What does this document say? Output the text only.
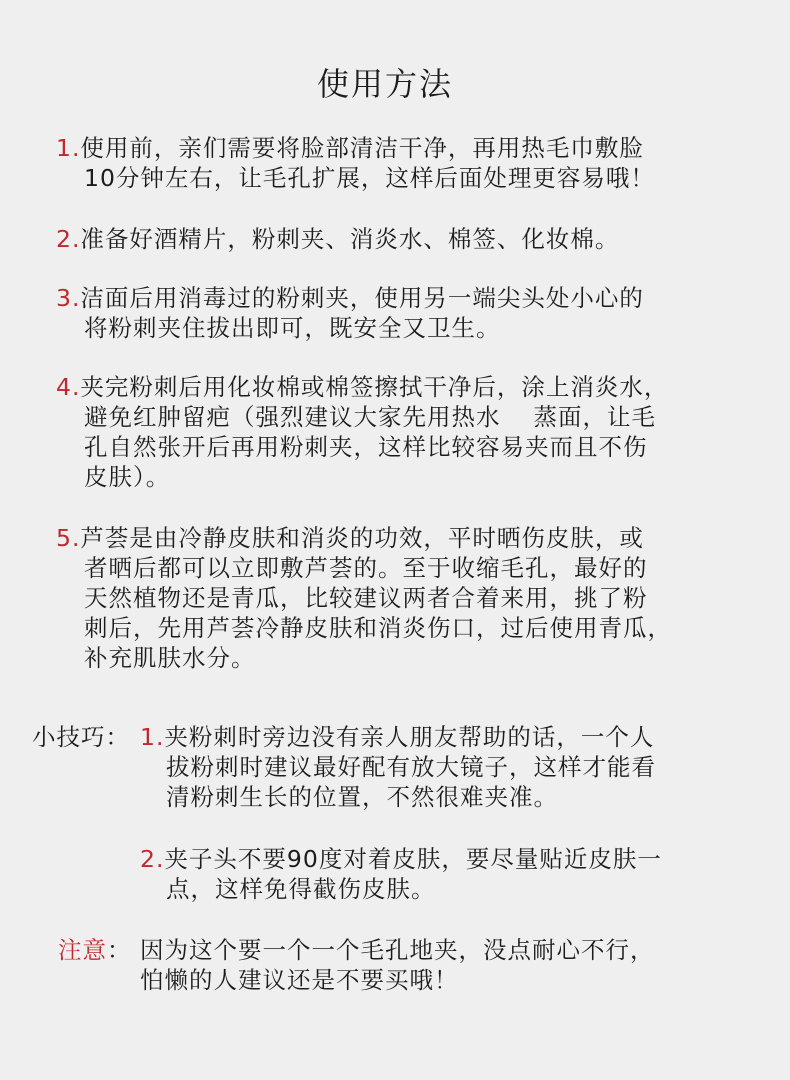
使用方法
1.使用前，亲们需要将脸部清洁干净，再用热毛巾敷脸
10分钟左右，让毛孔扩展，这样后面处理更容易哦！
2.准备好酒精片，粉刺夹、消炎水、棉签、化妆棉。
3.洁面后用消毒过的粉刺夹，使用另一端尖头处小心的
将粉刺夹住拔出即可，既安全又卫生。
4.夹完粉刺后用化妆棉或棉签擦拭干净后，涂上消炎水，
避免红肿留疤（强烈建议大家先用热水　 蒸面，让毛
孔自然张开后再用粉刺夹，这样比较容易夹而且不伤
皮肤）。
5.芦荟是由冷静皮肤和消炎的功效，平时晒伤皮肤，或
者晒后都可以立即敷芦荟的。至于收缩毛孔，最好的
天然植物还是青瓜，比较建议两者合着来用，挑了粉
刺后，先用芦荟冷静皮肤和消炎伤口，过后使用青瓜，
补充肌肤水分。
小技巧： 1.夹粉刺时旁边没有亲人朋友帮助的话，一个人
拔粉刺时建议最好配有放大镜子，这样才能看
清粉刺生长的位置，不然很难夹准。
2.夹子头不要90度对着皮肤，要尽量贴近皮肤一
点，这样免得截伤皮肤。
注意： 因为这个要一个一个毛孔地夹，没点耐心不行，
怕懒的人建议还是不要买哦！
